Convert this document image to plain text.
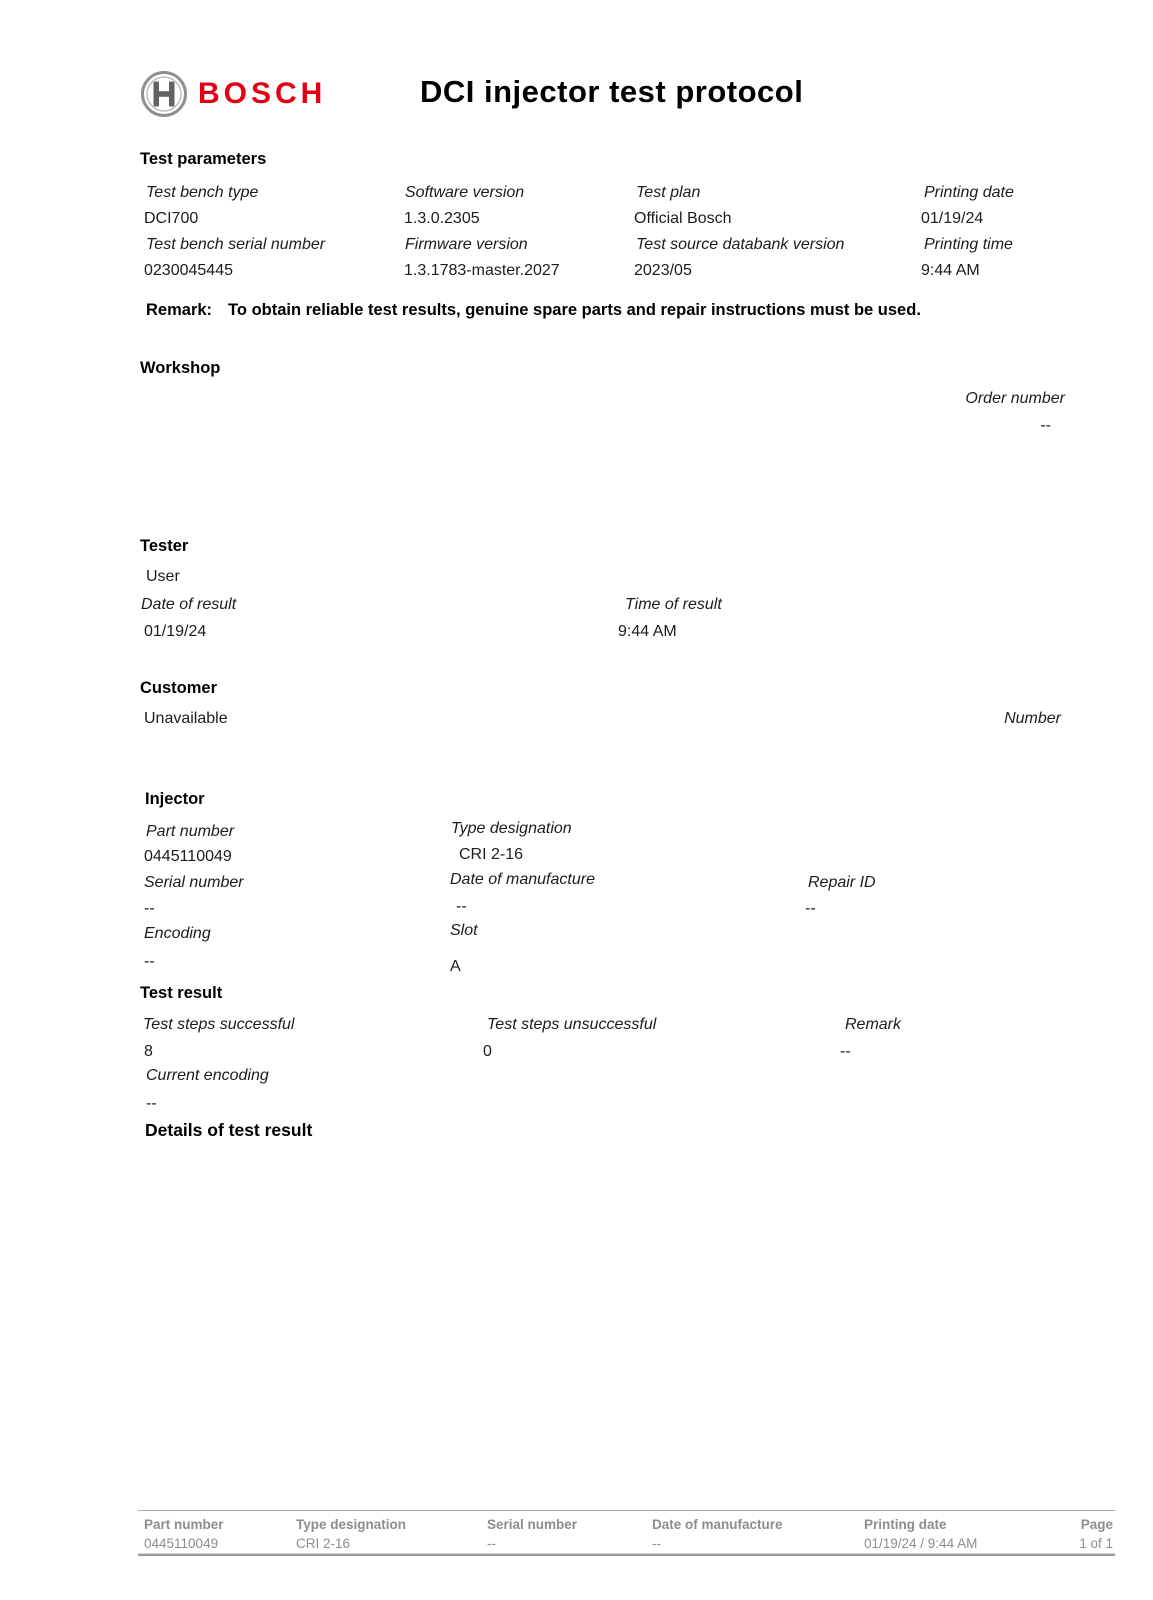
BOSCH	DCI injector test protocol
Test parameters
Test bench type	Software version	Test plan	Printing date
DCI700	1.3.0.2305	Official Bosch	01/19/24
Test bench serial number	Firmware version	Test source databank version	Printing time
0230045445	1.3.1783-master.2027	2023/05	9:44 AM
Remark: To obtain reliable test results, genuine spare parts and repair instructions must be used.
Workshop
Order number
--
Tester
User
Date of result	Time of result
01/19/24	9:44 AM
Customer
Unavailable	Number
Injector
Part number	Type designation
0445110049	CRI 2-16
Serial number	Date of manufacture	Repair ID
--	--	--
Encoding	Slot
--	A
Test result
Test steps successful	Test steps unsuccessful	Remark
8	0	--
Current encoding
--
Details of test result
Part number	Type designation	Serial number	Date of manufacture	Printing date	Page
0445110049	CRI 2-16	--	--	01/19/24 / 9:44 AM	1 of 1
